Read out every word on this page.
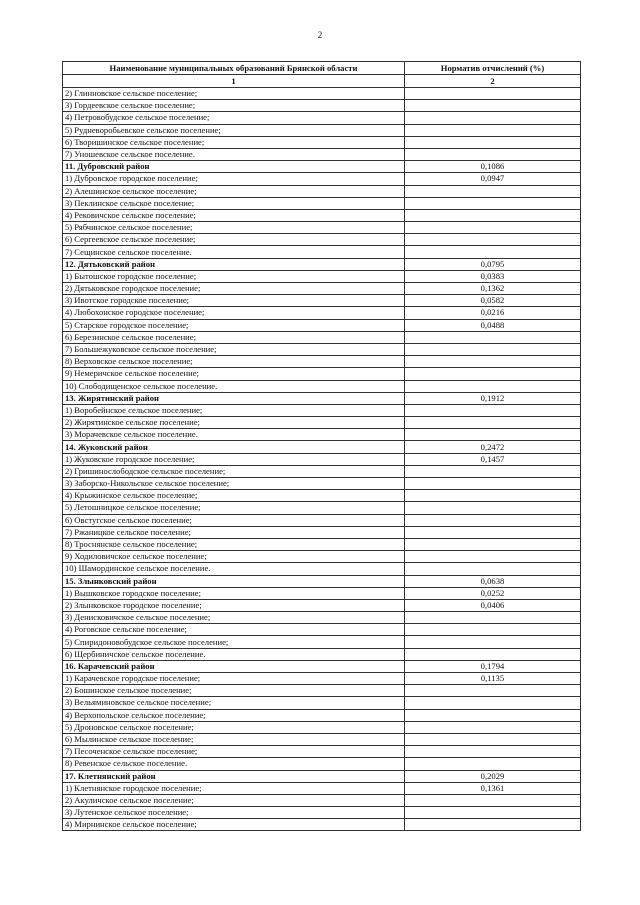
2
Наименование муниципальных образований Брянской области	Норматив отчислений (%)
1	2
2) Глинновское сельское поселение;	
3) Гордеевское сельское поселение;	
4) Петровобудское сельское поселение;	
5) Рудневоробьевское сельское поселение;	
6) Творишинское сельское поселение;	
7) Уношевское сельское поселение.	
11. Дубровский район	0,1086
1) Дубровское городское поселение;	0,0947
2) Алешинское сельское поселение;	
3) Пеклинское сельское поселение;	
4) Рековичское сельское поселение;	
5) Рябчинское сельское поселение;	
6) Сергеевское сельское поселение;	
7) Сещинское сельское поселение.	
12. Дятьковский район	0,0795
1) Бытошское городское поселение;	0,0383
2) Дятьковское городское поселение;	0,1362
3) Ивотское городское поселение;	0,0582
4) Любохонское городское поселение;	0,0216
5) Старское городское поселение;	0,0488
6) Березинское сельское поселение;	
7) Большежуковское сельское поселение;	
8) Верховское сельское поселение;	
9) Немеричское сельское поселение;	
10) Слободищенское сельское поселение.	
13. Жирятинский район	0,1912
1) Воробейнское сельское поселение;	
2) Жирятинское сельское поселение;	
3) Морачевское сельское поселение.	
14. Жуковский район	0,2472
1) Жуковское городское поселение;	0,1457
2) Гришинослободское сельское поселение;	
3) Заборско-Никольское сельское поселение;	
4) Крыжинское сельское поселение;	
5) Летошницкое сельское поселение;	
6) Овстугское сельское поселение;	
7) Ржаницкое сельское поселение;	
8) Троснянское сельское поселение;	
9) Ходиловичское сельское поселение;	
10) Шамординское сельское поселение.	
15. Злынковский район	0,0638
1) Вышковское городское поселение;	0,0252
2) Злынковское городское поселение;	0,0406
3) Денисковичское сельское поселение;	
4) Роговское сельское поселение;	
5) Спиридоновобудское сельское поселение;	
6) Щербиничское сельское поселение.	
16. Карачевский район	0,1794
1) Карачевское городское поселение;	0,1135
2) Бошинское сельское поселение;	
3) Вельяминовское сельское поселение;	
4) Верхопольское сельское поселение;	
5) Дроновское сельское поселение;	
6) Мылинское сельское поселение;	
7) Песоченское сельское поселение;	
8) Ревенское сельское поселение.	
17. Клетнянский район	0,2029
1) Клетнянское городское поселение;	0,1361
2) Акуличское сельское поселение;	
3) Лутенское сельское поселение;	
4) Мирнинское сельское поселение;	
